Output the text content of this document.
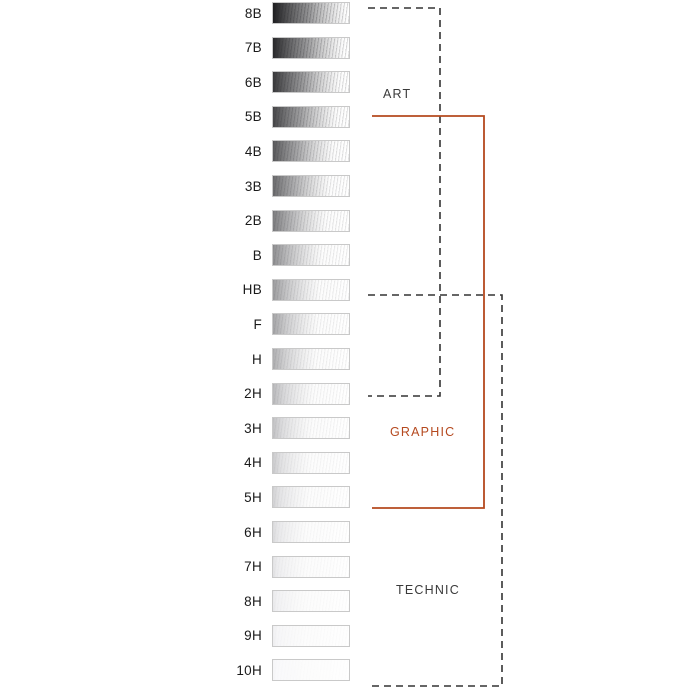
ART
GRAPHIC
TECHNIC
8B
7B
6B
5B
4B
3B
2B
B
HB
F
H
2H
3H
4H
5H
6H
7H
8H
9H
10H
